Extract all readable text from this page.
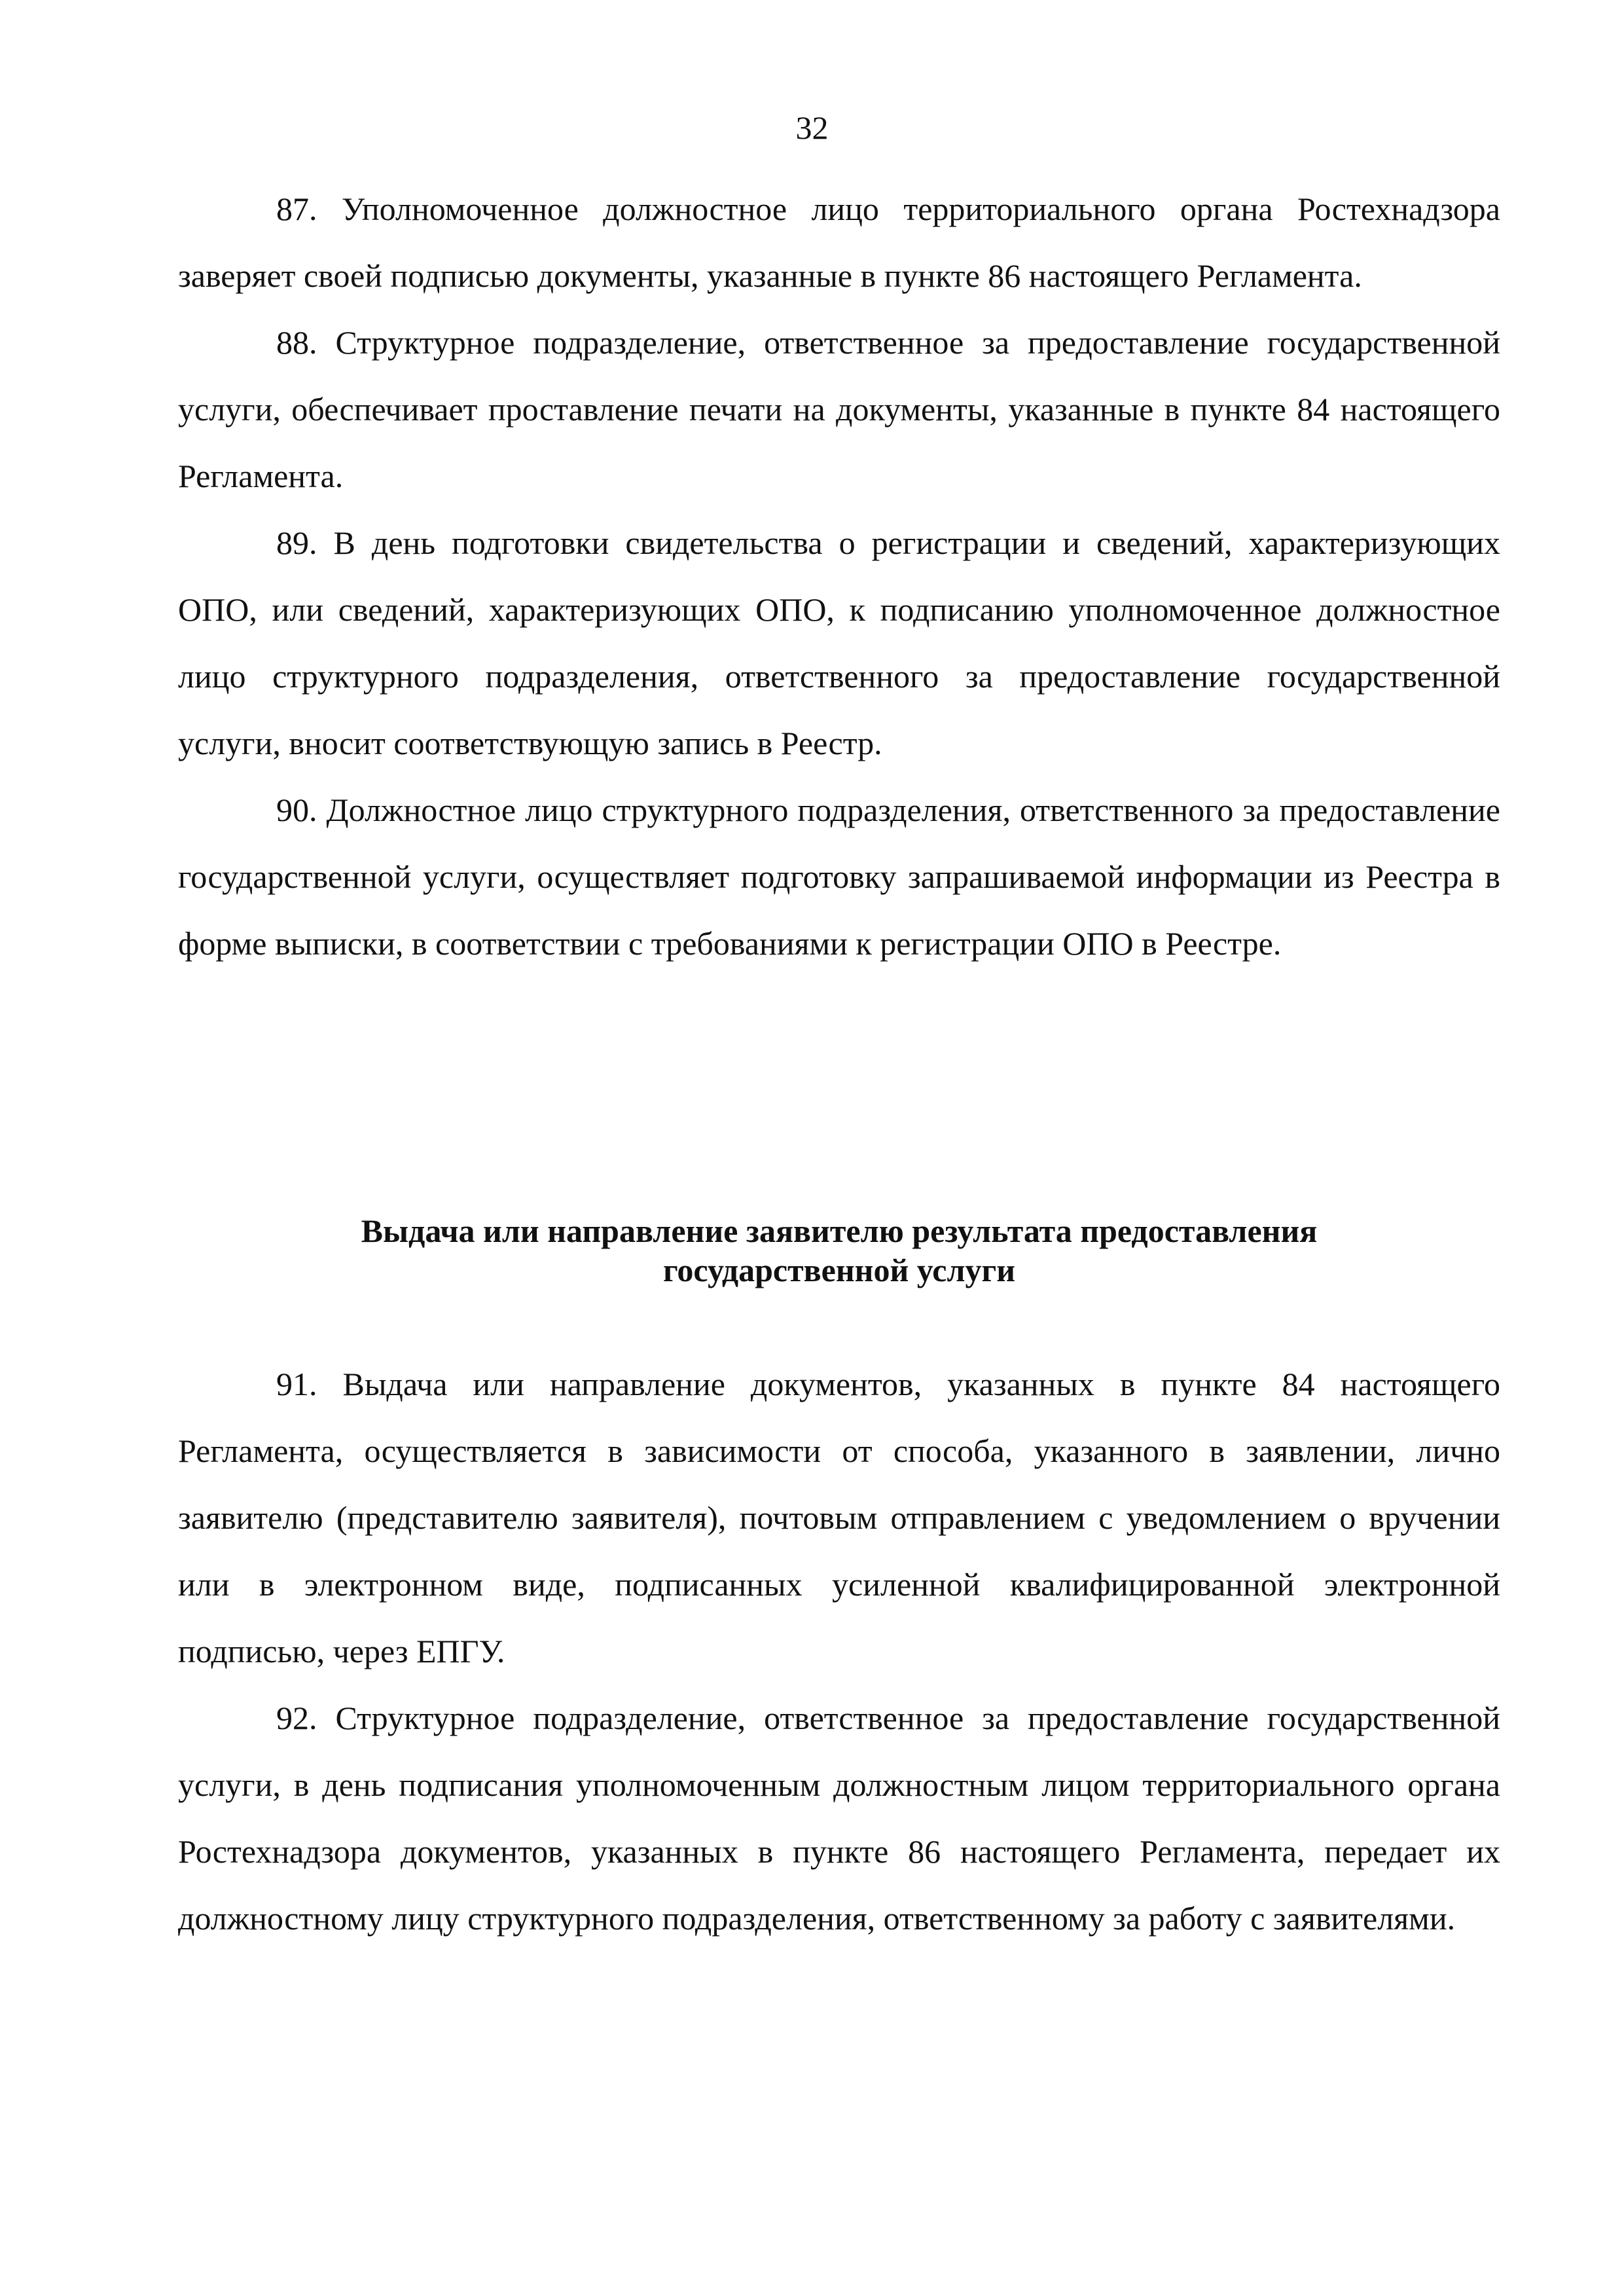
32

87. Уполномоченное должностное лицо территориального органа Ростехнадзора заверяет своей подписью документы, указанные в пункте 86 настоящего Регламента.

88. Структурное подразделение, ответственное за предоставление государственной услуги, обеспечивает проставление печати на документы, указанные в пункте 84 настоящего Регламента.

89. В день подготовки свидетельства о регистрации и сведений, характеризующих ОПО, или сведений, характеризующих ОПО, к подписанию уполномоченное должностное лицо структурного подразделения, ответственного за предоставление государственной услуги, вносит соответствующую запись в Реестр.

90. Должностное лицо структурного подразделения, ответственного за предоставление государственной услуги, осуществляет подготовку запрашиваемой информации из Реестра в форме выписки, в соответствии с требованиями к регистрации ОПО в Реестре.

Выдача или направление заявителю результата предоставления
государственной услуги

91. Выдача или направление документов, указанных в пункте 84 настоящего Регламента, осуществляется в зависимости от способа, указанного в заявлении, лично заявителю (представителю заявителя), почтовым отправлением с уведомлением о вручении или в электронном виде, подписанных усиленной квалифицированной электронной подписью, через ЕПГУ.

92. Структурное подразделение, ответственное за предоставление государственной услуги, в день подписания уполномоченным должностным лицом территориального органа Ростехнадзора документов, указанных в пункте 86 настоящего Регламента, передает их должностному лицу структурного подразделения, ответственному за работу с заявителями.
